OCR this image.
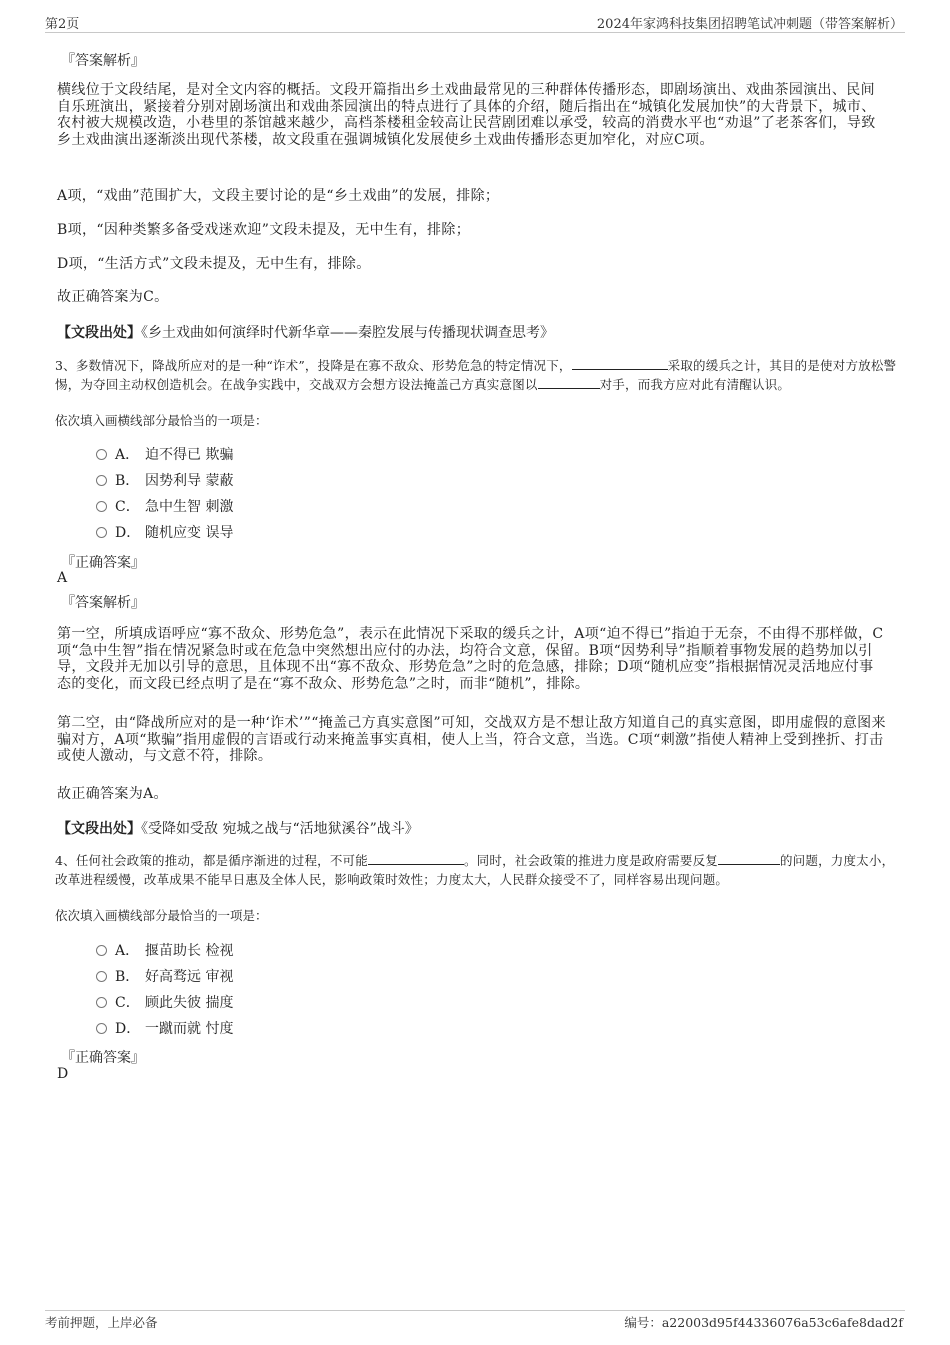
第2页	2024年家鸿科技集团招聘笔试冲刺题（带答案解析）
『答案解析』

横线位于文段结尾，是对全文内容的概括。文段开篇指出乡土戏曲最常见的三种群体传播形态，即剧场演出、戏曲茶园演出、民间自乐班演出，紧接着分别对剧场演出和戏曲茶园演出的特点进行了具体的介绍，随后指出在“城镇化发展加快”的大背景下，城市、农村被大规模改造，小巷里的茶馆越来越少，高档茶楼租金较高让民营剧团难以承受，较高的消费水平也“劝退”了老茶客们，导致乡土戏曲演出逐渐淡出现代茶楼，故文段重在强调城镇化发展使乡土戏曲传播形态更加窄化，对应C项。

A项，“戏曲”范围扩大，文段主要讨论的是“乡土戏曲”的发展，排除；

B项，“因种类繁多备受戏迷欢迎”文段未提及，无中生有，排除；

D项，“生活方式”文段未提及，无中生有，排除。

故正确答案为C。

【文段出处】《乡土戏曲如何演绎时代新华章——秦腔发展与传播现状调查思考》

3、多数情况下，降战所应对的是一种“诈术”，投降是在寡不敌众、形势危急的特定情况下，	采取的缓兵之计，其目的是使对方放松警惕，为夺回主动权创造机会。在战争实践中，交战双方会想方设法掩盖己方真实意图以	对手，而我方应对此有清醒认识。

依次填入画横线部分最恰当的一项是：
A． 迫不得已 欺骗
B． 因势利导 蒙蔽
C． 急中生智 刺激
D． 随机应变 误导
『正确答案』
A
『答案解析』

第一空，所填成语呼应“寡不敌众、形势危急”，表示在此情况下采取的缓兵之计，A项“迫不得已”指迫于无奈，不由得不那样做，C项“急中生智”指在情况紧急时或在危急中突然想出应付的办法，均符合文意，保留。B项“因势利导”指顺着事物发展的趋势加以引导，文段并无加以引导的意思，且体现不出“寡不敌众、形势危急”之时的危急感，排除；D项“随机应变”指根据情况灵活地应付事态的变化，而文段已经点明了是在“寡不敌众、形势危急”之时，而非“随机”，排除。

第二空，由“降战所应对的是一种‘诈术’”“掩盖己方真实意图”可知，交战双方是不想让敌方知道自己的真实意图，即用虚假的意图来骗对方，A项“欺骗”指用虚假的言语或行动来掩盖事实真相，使人上当，符合文意，当选。C项“刺激”指使人精神上受到挫折、打击或使人激动，与文意不符，排除。

故正确答案为A。

【文段出处】《受降如受敌 宛城之战与“活地狱溪谷”战斗》

4、任何社会政策的推动，都是循序渐进的过程，不可能	。同时，社会政策的推进力度是政府需要反复	的问题，力度太小，改革进程缓慢，改革成果不能早日惠及全体人民，影响政策时效性；力度太大，人民群众接受不了，同样容易出现问题。

依次填入画横线部分最恰当的一项是：
A． 揠苗助长 检视
B． 好高骛远 审视
C． 顾此失彼 揣度
D． 一蹴而就 忖度
『正确答案』
D
考前押题，上岸必备	编号：a22003d95f44336076a53c6afe8dad2f
